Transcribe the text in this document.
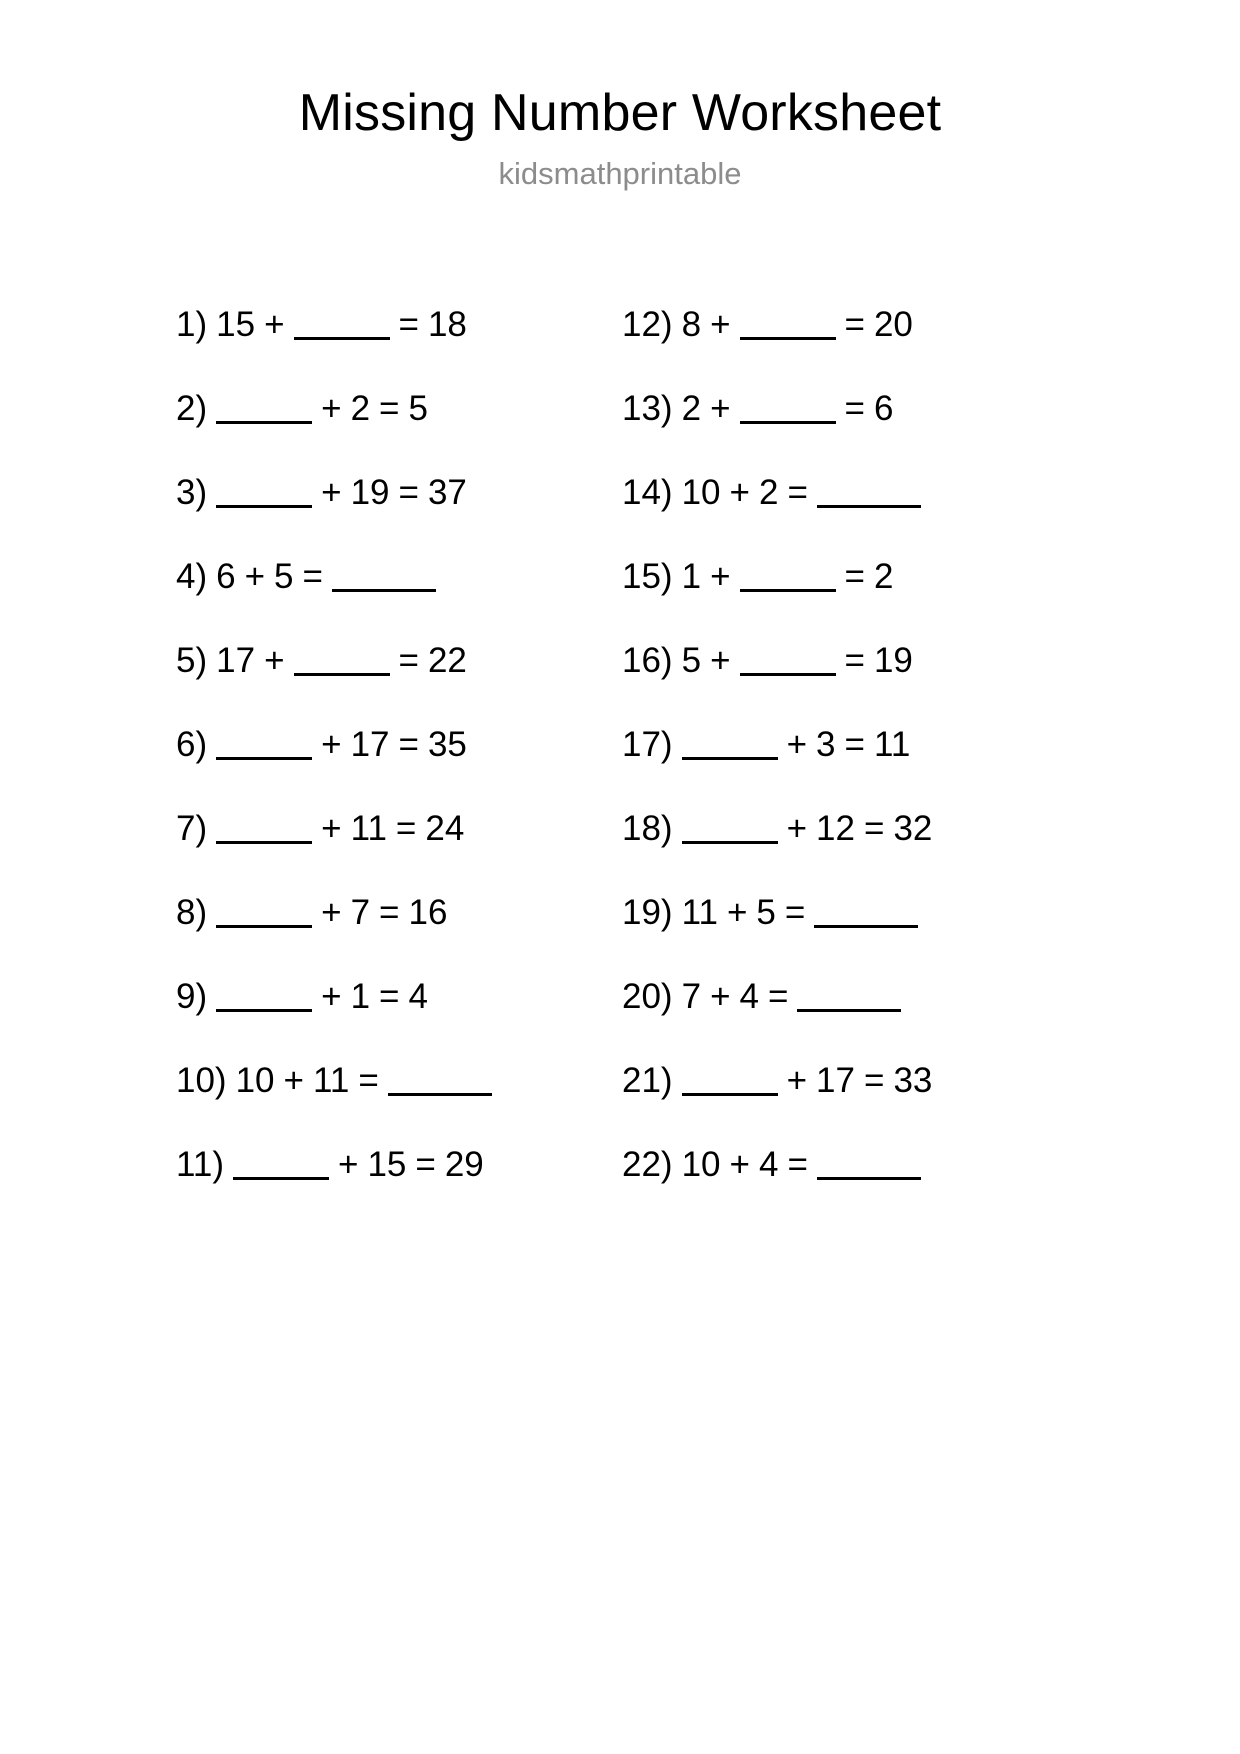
Missing Number Worksheet
kidsmathprintable
1) 15 +	= 18
2)	+ 2 = 5
3)	+ 19 = 37
4) 6 + 5 =
5) 17 +	= 22
6)	+ 17 = 35
7)	+ 11 = 24
8)	+ 7 = 16
9)	+ 1 = 4
10) 10 + 11 =
11)	+ 15 = 29
12) 8 +	= 20
13) 2 +	= 6
14) 10 + 2 =
15) 1 +	= 2
16) 5 +	= 19
17)	+ 3 = 11
18)	+ 12 = 32
19) 11 + 5 =
20) 7 + 4 =
21)	+ 17 = 33
22) 10 + 4 =
